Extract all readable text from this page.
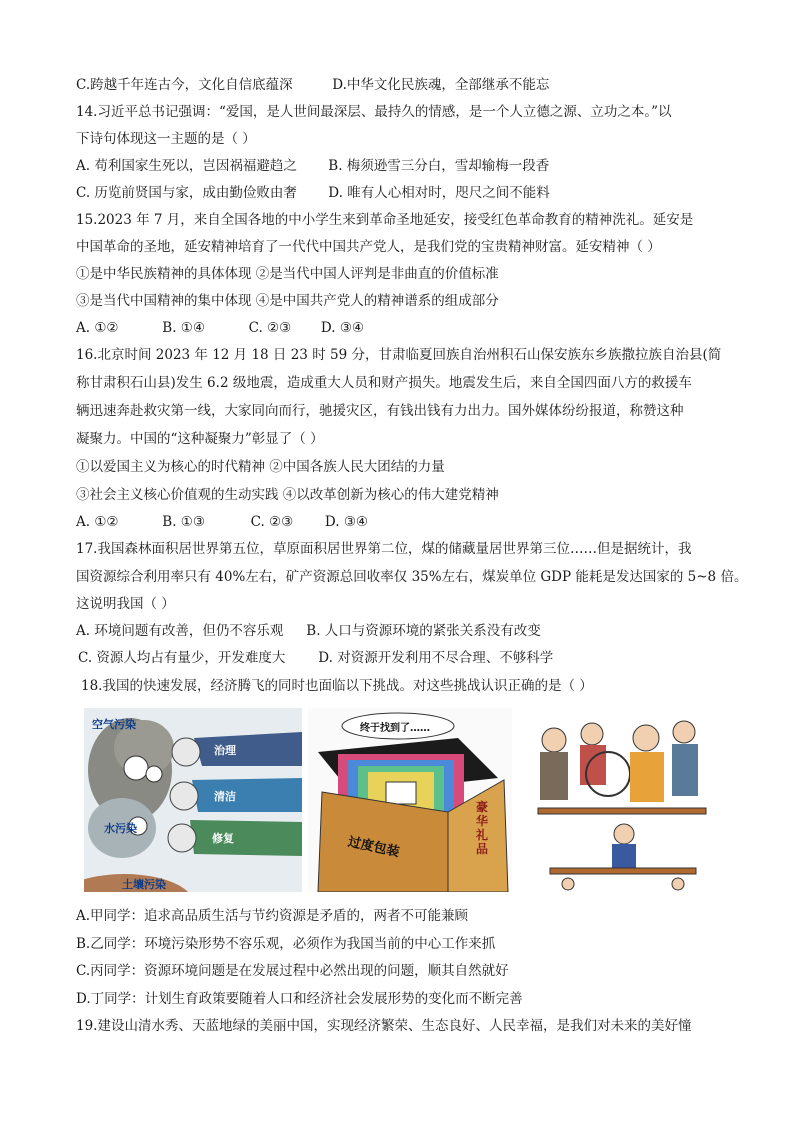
C.跨越千年连古今，文化自信底蕴深	D.中华文化民族魂，全部继承不能忘
14.习近平总书记强调：“爱国，是人世间最深层、最持久的情感，是一个人立德之源、立功之本。”以
下诗句体现这一主题的是（ ）
A. 苟利国家生死以，岂因祸福避趋之 B. 梅须逊雪三分白，雪却输梅一段香
C. 历览前贤国与家，成由勤俭败由奢 D. 唯有人心相对时，咫尺之间不能料
15.2023 年 7 月，来自全国各地的中小学生来到革命圣地延安，接受红色革命教育的精神洗礼。延安是
中国革命的圣地，延安精神培育了一代代中国共产党人，是我们党的宝贵精神财富。延安精神（ ）
①是中华民族精神的具体体现 ②是当代中国人评判是非曲直的价值标准
③是当代中国精神的集中体现 ④是中国共产党人的精神谱系的组成部分
A. ①②	B. ①④	C. ②③ D. ③④
16.北京时间 2023 年 12 月 18 日 23 时 59 分，甘肃临夏回族自治州积石山保安族东乡族撒拉族自治县(简
称甘肃积石山县)发生 6.2 级地震，造成重大人员和财产损失。地震发生后，来自全国四面八方的救援车
辆迅速奔赴救灾第一线，大家同向而行，驰援灾区，有钱出钱有力出力。国外媒体纷纷报道，称赞这种
凝聚力。中国的“这种凝聚力”彰显了（ ）
①以爱国主义为核心的时代精神 ②中国各族人民大团结的力量
③社会主义核心价值观的生动实践 ④以改革创新为核心的伟大建党精神
A. ①②	B. ①③	C. ②③ D. ③④
17.我国森林面积居世界第五位，草原面积居世界第二位，煤的储藏量居世界第三位……但是据统计，我
国资源综合利用率只有 40%左右，矿产资源总回收率仅 35%左右，煤炭单位 GDP 能耗是发达国家的 5~8 倍。
这说明我国（ ）
A. 环境问题有改善，但仍不容乐观 B. 人口与资源环境的紧张关系没有改变
C. 资源人均占有量少，开发难度大 D. 对资源开发利用不尽合理、不够科学
18.我国的快速发展，经济腾飞的同时也面临以下挑战。对这些挑战认识正确的是（ ）
空气污染
水污染
土壤污染
治理
清洁
修复
终于找到了……
过度包装
豪华礼品
A.甲同学：追求高品质生活与节约资源是矛盾的，两者不可能兼顾
B.乙同学：环境污染形势不容乐观，必须作为我国当前的中心工作来抓
C.丙同学：资源环境问题是在发展过程中必然出现的问题，顺其自然就好
D.丁同学：计划生育政策要随着人口和经济社会发展形势的变化而不断完善
19.建设山清水秀、天蓝地绿的美丽中国，实现经济繁荣、生态良好、人民幸福，是我们对未来的美好憧
